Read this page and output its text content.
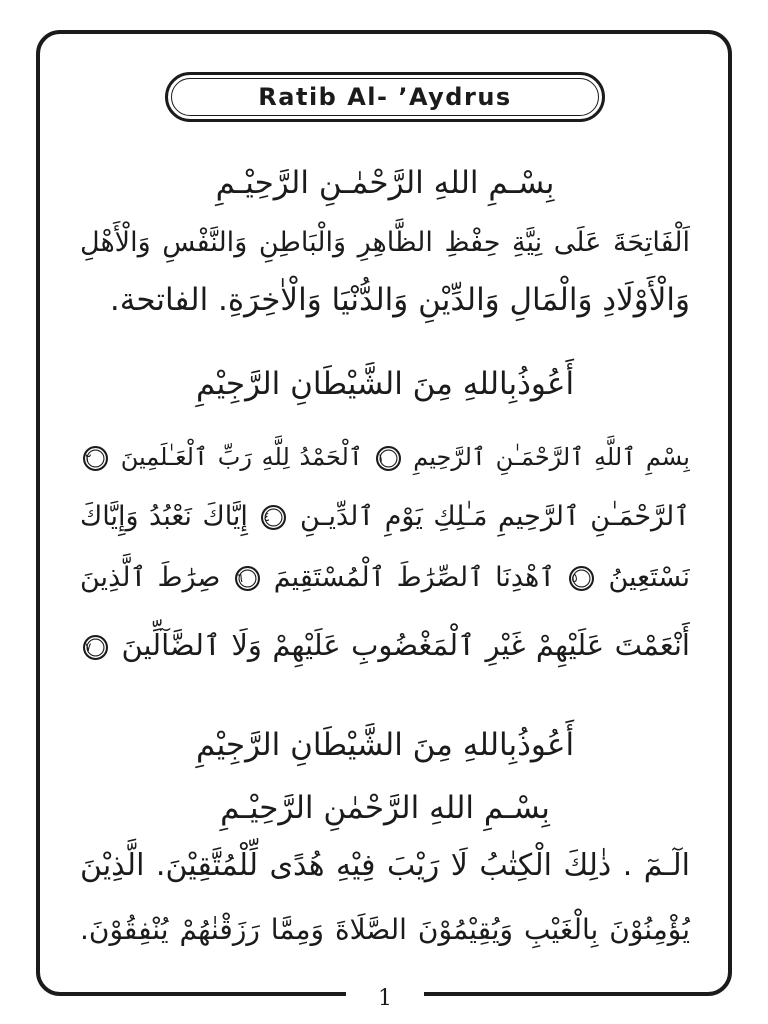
1
Ratib Al- ’Aydrus
بِسْـمِ اللهِ الرَّحْمٰـنِ الرَّحِيْـمِ
اَلْفَاتِحَةَ عَلَى نِيَّةِ حِفْظِ الظَّاهِرِ وَالْبَاطِنِ وَالنَّفْسِ وَالْأَهْلِ
وَالْأَوْلَادِ وَالْمَالِ وَالدِّيْنِ وَالدُّنْيَا وَالْاٰخِرَةِ. الفاتحة.
أَعُوذُبِاللهِ مِنَ الشَّيْطَانِ الرَّجِيْمِ
بِسْمِ ٱللَّهِ ٱلرَّحْمَـٰنِ ٱلرَّحِيمِ ١ ٱلْحَمْدُ لِلَّهِ رَبِّ ٱلْعَـٰلَمِينَ ٢
ٱلرَّحْمَـٰنِ ٱلرَّحِيمِ مَـٰلِكِ يَوْمِ ٱلدِّيـنِ ٤ إِيَّاكَ نَعْبُدُ وَإِيَّاكَ
نَسْتَعِينُ ٥ ٱهْدِنَا ٱلصِّرَٰطَ ٱلْمُسْتَقِيمَ ٦ صِرَٰطَ ٱلَّذِينَ
أَنْعَمْتَ عَلَيْهِمْ غَيْرِ ٱلْمَغْضُوبِ عَلَيْهِمْ وَلَا ٱلضَّآلِّينَ ٧
أَعُوذُبِاللهِ مِنَ الشَّيْطَانِ الرَّجِيْمِ
بِسْـمِ اللهِ الرَّحْمٰنِ الرَّحِيْـمِ
الٓـمٓ . ذٰلِكَ الْكِتٰبُ لَا رَيْبَ فِيْهِ هُدًى لِّلْمُتَّقِيْنَ. الَّذِيْنَ
يُؤْمِنُوْنَ بِالْغَيْبِ وَيُقِيْمُوْنَ الصَّلَاةَ وَمِمَّا رَزَقْنٰهُمْ يُنْفِقُوْنَ.
